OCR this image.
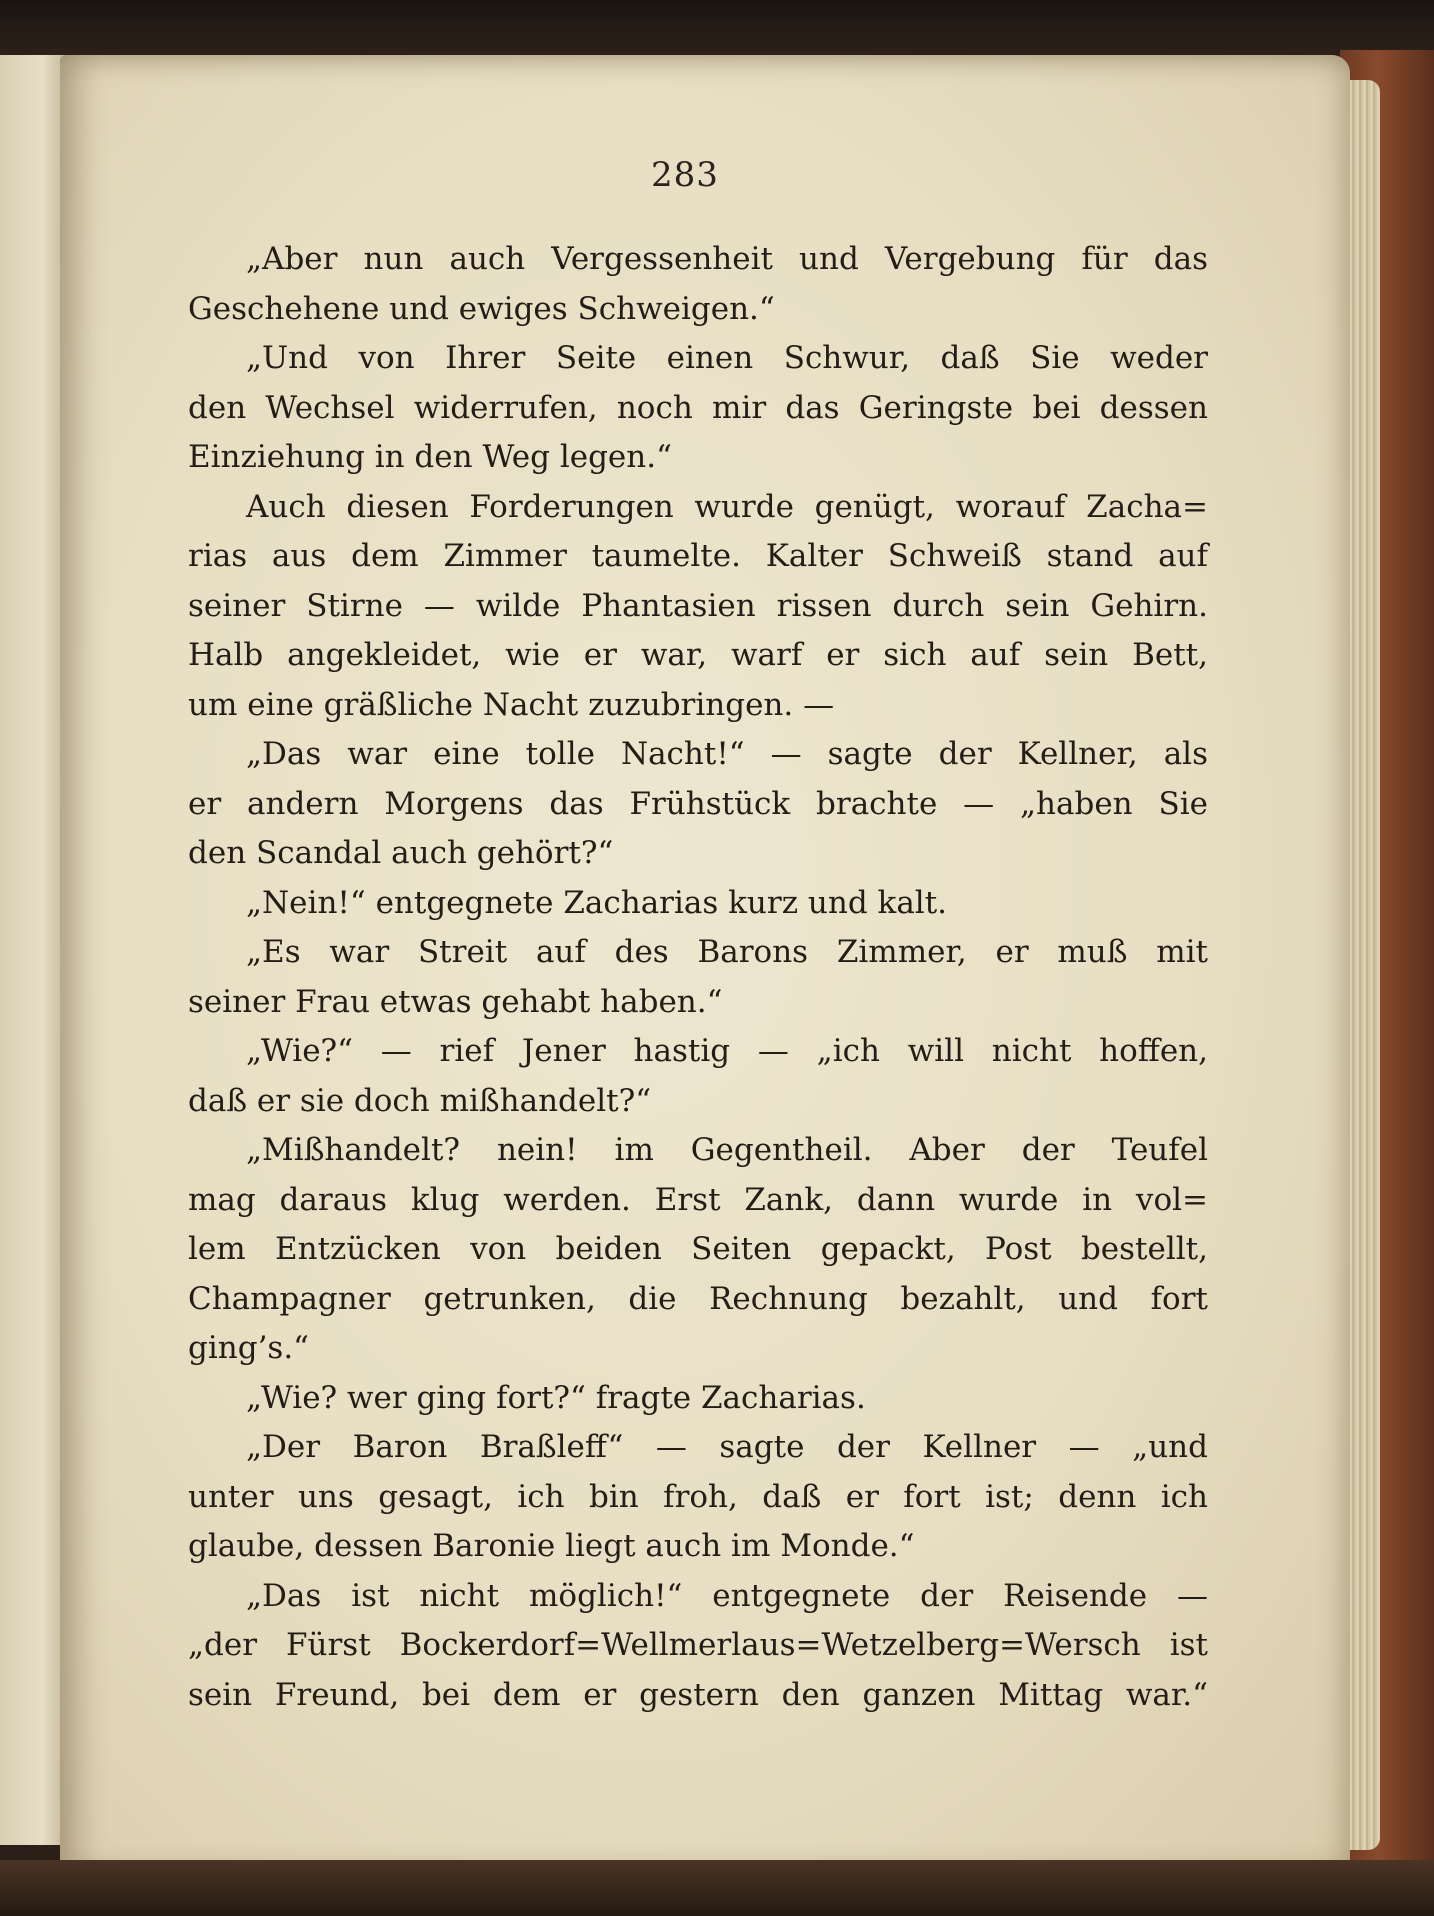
283
„Aber nun auch Vergessenheit und Vergebung für das
Geschehene und ewiges Schweigen.“
„Und von Ihrer Seite einen Schwur, daß Sie weder
den Wechsel widerrufen, noch mir das Geringste bei dessen
Einziehung in den Weg legen.“
Auch diesen Forderungen wurde genügt, worauf Zacha=
rias aus dem Zimmer taumelte. Kalter Schweiß stand auf
seiner Stirne — wilde Phantasien rissen durch sein Gehirn.
Halb angekleidet, wie er war, warf er sich auf sein Bett,
um eine gräßliche Nacht zuzubringen. —
„Das war eine tolle Nacht!“ — sagte der Kellner, als
er andern Morgens das Frühstück brachte — „haben Sie
den Scandal auch gehört?“
„Nein!“ entgegnete Zacharias kurz und kalt.
„Es war Streit auf des Barons Zimmer, er muß mit
seiner Frau etwas gehabt haben.“
„Wie?“ — rief Jener hastig — „ich will nicht hoffen,
daß er sie doch mißhandelt?“
„Mißhandelt? nein! im Gegentheil. Aber der Teufel
mag daraus klug werden. Erst Zank, dann wurde in vol=
lem Entzücken von beiden Seiten gepackt, Post bestellt,
Champagner getrunken, die Rechnung bezahlt, und fort
ging’s.“
„Wie? wer ging fort?“ fragte Zacharias.
„Der Baron Braßleff“ — sagte der Kellner — „und
unter uns gesagt, ich bin froh, daß er fort ist; denn ich
glaube, dessen Baronie liegt auch im Monde.“
„Das ist nicht möglich!“ entgegnete der Reisende —
„der Fürst Bockerdorf=Wellmerlaus=Wetzelberg=Wersch ist
sein Freund, bei dem er gestern den ganzen Mittag war.“
